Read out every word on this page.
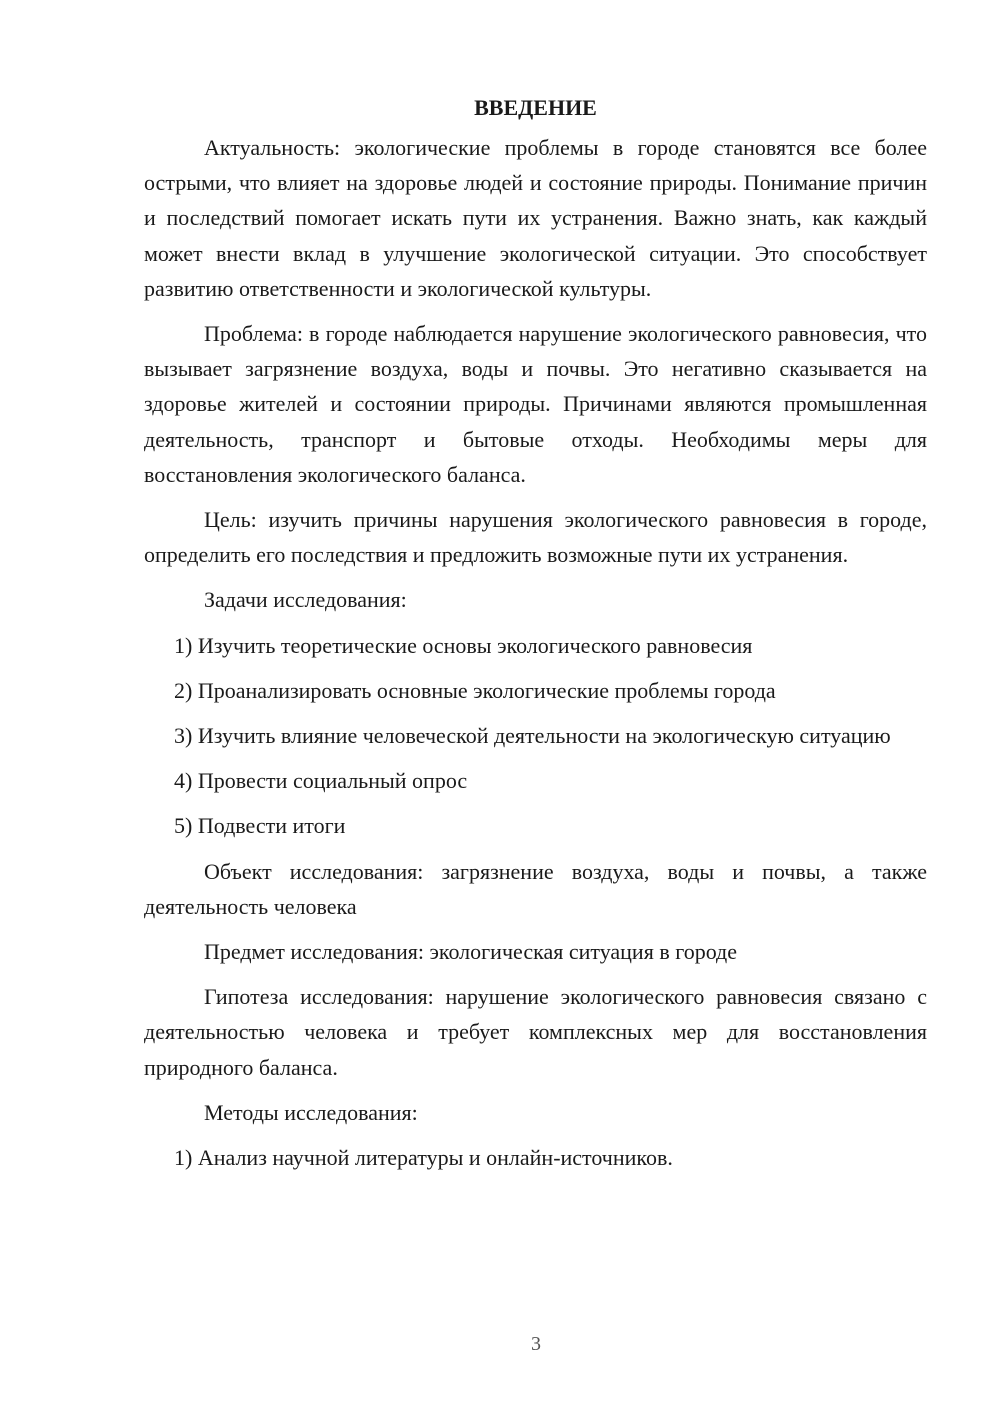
ВВЕДЕНИЕ

Актуальность: экологические проблемы в городе становятся все более острыми, что влияет на здоровье людей и состояние природы. Понимание причин и последствий помогает искать пути их устранения. Важно знать, как каждый может внести вклад в улучшение экологической ситуации. Это способствует развитию ответственности и экологической культуры.

Проблема: в городе наблюдается нарушение экологического равновесия, что вызывает загрязнение воздуха, воды и почвы. Это негативно сказывается на здоровье жителей и состоянии природы. Причинами являются промышленная деятельность, транспорт и бытовые отходы. Необходимы меры для восстановления экологического баланса.

Цель: изучить причины нарушения экологического равновесия в городе, определить его последствия и предложить возможные пути их устранения.

Задачи исследования:

1) Изучить теоретические основы экологического равновесия

2) Проанализировать основные экологические проблемы города

3) Изучить влияние человеческой деятельности на экологическую ситуацию

4) Провести социальный опрос

5) Подвести итоги

Объект исследования: загрязнение воздуха, воды и почвы, а также деятельность человека

Предмет исследования: экологическая ситуация в городе

Гипотеза исследования: нарушение экологического равновесия связано с деятельностью человека и требует комплексных мер для восстановления природного баланса.

Методы исследования:

1) Анализ научной литературы и онлайн-источников.

3
